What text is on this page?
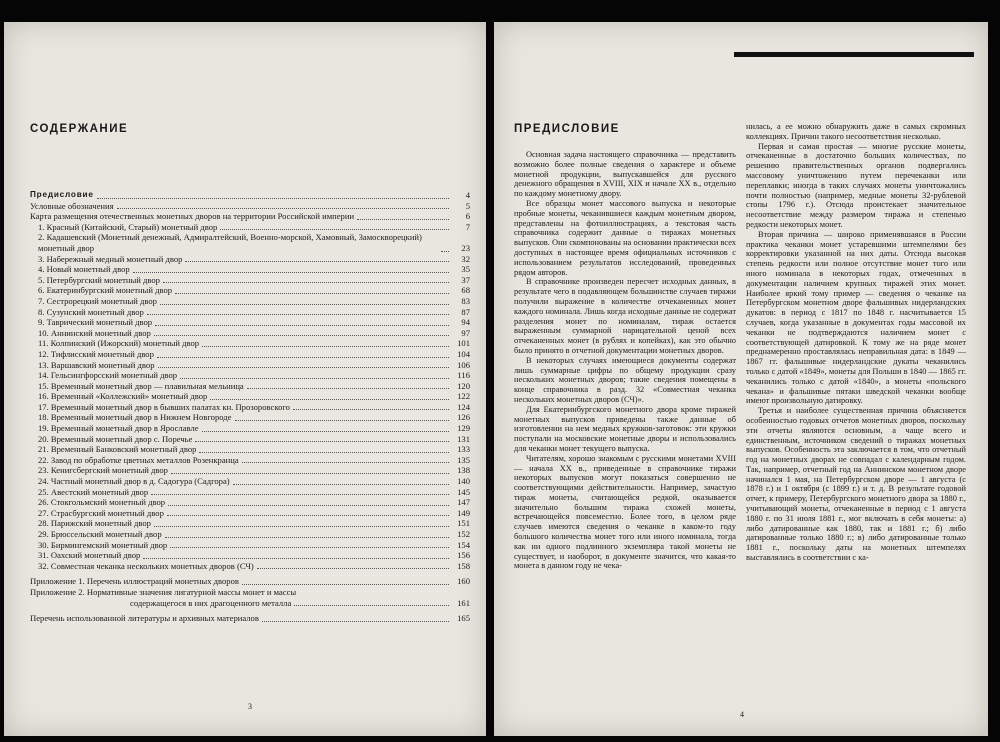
СОДЕРЖАНИЕ
Предисловие	4
Условные обозначения	5
Карта размещения отечественных монетных дворов на территории Российской империи	6
1. Красный (Китайский, Старый) монетный двор	7
2. Кадашевский (Монетный денежный, Адмиралтейский, Военно-морской, Хамовный, Замоскворецкий) монетный двор	23
3. Набережный медный монетный двор	32
4. Новый монетный двор	35
5. Петербургский монетный двор	37
6. Екатеринбургский монетный двор	68
7. Сестрорецкий монетный двор	83
8. Сузунский монетный двор	87
9. Таврический монетный двор	94
10. Аннинский монетный двор	97
11. Колпинский (Ижорский) монетный двор	101
12. Тифлисский монетный двор	104
13. Варшавский монетный двор	106
14. Гельсингфорсский монетный двор	116
15. Временный монетный двор — плавильная мельница	120
16. Временный «Коллежский» монетный двор	122
17. Временный монетный двор в бывших палатах кн. Прозоровского	124
18. Временный монетный двор в Нижнем Новгороде	126
19. Временный монетный двор в Ярославле	129
20. Временный монетный двор с. Поречье	131
21. Временный Банковский монетный двор	133
22. Завод по обработке цветных металлов Розенкранца	135
23. Кенигсбергский монетный двор	138
24. Частный монетный двор в д. Садогура (Садгора)	140
25. Авестский монетный двор	145
26. Стокгольмский монетный двор	147
27. Страсбургский монетный двор	149
28. Парижский монетный двор	151
29. Брюссельский монетный двор	152
30. Бирмингемский монетный двор	154
31. Оахский монетный двор	156
32. Совместная чеканка нескольких монетных дворов (СЧ)	158
Приложение 1. Перечень иллюстраций монетных дворов	160
Приложение 2. Нормативные значения лигатурной массы монет и массы
содержащегося в них драгоценного металла	161
Перечень использованной литературы и архивных материалов	165
3
ПРЕДИСЛОВИЕ

Основная задача настоящего справочника — представить возможно более полные сведения о характере и объеме монетной продукции, выпускавшейся для русского денежного обращения в XVIII, XIX и начале XX в., отдельно по каждому монетному двору.

Все образцы монет массового выпуска и некоторые пробные монеты, чеканившиеся каждым монетным двором, представлены на фотоиллюстрациях, а текстовая часть справочника содержит данные о тиражах монетных выпусков. Они скомпонованы на основании практически всех доступных в настоящее время официальных источников с использованием результатов исследований, проведенных рядом авторов.

В справочнике произведен пересчет исходных данных, в результате чего в подавляющем большинстве случаев тиражи получили выражение в количестве отчеканенных монет каждого номинала. Лишь когда исходные данные не содержат разделения монет по номиналам, тираж остается выраженным суммарной нарицательной ценой всех отчеканенных монет (в рублях и копейках), как это обычно было принято в отчетной документации монетных дворов.

В некоторых случаях имеющиеся документы содержат лишь суммарные цифры по общему продукции сразу нескольких монетных дворов; такие сведения помещены в конце справочника в разд. 32 «Совместная чеканка нескольких монетных дворов (СЧ)».

Для Екатеринбургского монетного двора кроме тиражей монетных выпусков приведены также данные об изготовлении на нем медных кружков-заготовок: эти кружки поступали на московские монетные дворы и использовались для чеканки монет текущего выпуска.

Читателям, хорошо знакомым с русскими монетами XVIII — начала XX в., приведенные в справочнике тиражи некоторых выпусков могут показаться совершенно не соответствующими действительности. Например, зачастую тираж монеты, считающейся редкой, оказывается значительно большим тиража схожей монеты, встречающейся повсеместно. Более того, в целом ряде случаев имеются сведения о чеканке в каком-то году большого количества монет того или иного номинала, тогда как ни одного подлинного экземпляра такой монеты не существует, и наоборот, в документе значится, что какая-то монета в данном году не чека-

нилась, а ее можно обнаружить даже в самых скромных коллекциях. Причин такого несоответствия несколько.

Первая и самая простая — многие русские монеты, отчеканенные в достаточно больших количествах, по решению правительственных органов подвергались массовому уничтожению путем перечеканки или переплавки; иногда в таких случаях монеты уничтожались почти полностью (например, медные монеты 32-рублевой стопы 1796 г.). Отсюда проистекает значительное несоответствие между размером тиража и степенью редкости некоторых монет.

Вторая причина — широко применявшаяся в России практика чеканки монет устаревшими штемпелями без корректировки указанной на них даты. Отсюда высокая степень редкости или полное отсутствие монет того или иного номинала в некоторых годах, отмеченных в документации наличием крупных тиражей этих монет. Наиболее яркий тому пример — сведения о чеканке на Петербургском монетном дворе фальшивых нидерландских дукатов: в период с 1817 по 1848 г. насчитывается 15 случаев, когда указанные в документах годы массовой их чеканки не подтверждаются наличием монет с соответствующей датировкой. К тому же на ряде монет преднамеренно проставлялась неправильная дата: в 1849 — 1867 гг. фальшивые нидерландские дукаты чеканились только с датой «1849», монеты для Польши в 1840 — 1865 гг. чеканились только с датой «1840», а монеты «польского чекана» и фальшивые пятаки шведской чеканки вообще имеют произвольную датировку.

Третья и наиболее существенная причина объясняется особенностью годовых отчетов монетных дворов, поскольку эти отчеты являются основным, а чаще всего и единственным, источником сведений о тиражах монетных выпусков. Особенность эта заключается в том, что отчетный год на монетных дворах не совпадал с календарным годом. Так, например, отчетный год на Аннинском монетном дворе начинался 1 мая, на Петербургском дворе — 1 августа (с 1878 г.) и 1 октября (с 1899 г.) и т. д. В результате годовой отчет, к примеру, Петербургского монетного двора за 1880 г., учитывающий монеты, отчеканенные в период с 1 августа 1880 г. по 31 июля 1881 г., мог включать в себя монеты: а) либо датированные как 1880, так и 1881 г.; б) либо датированные только 1880 г.; в) либо датированные только 1881 г., поскольку даты на монетных штемпелях выставлялись в соответствии с ка-

4
